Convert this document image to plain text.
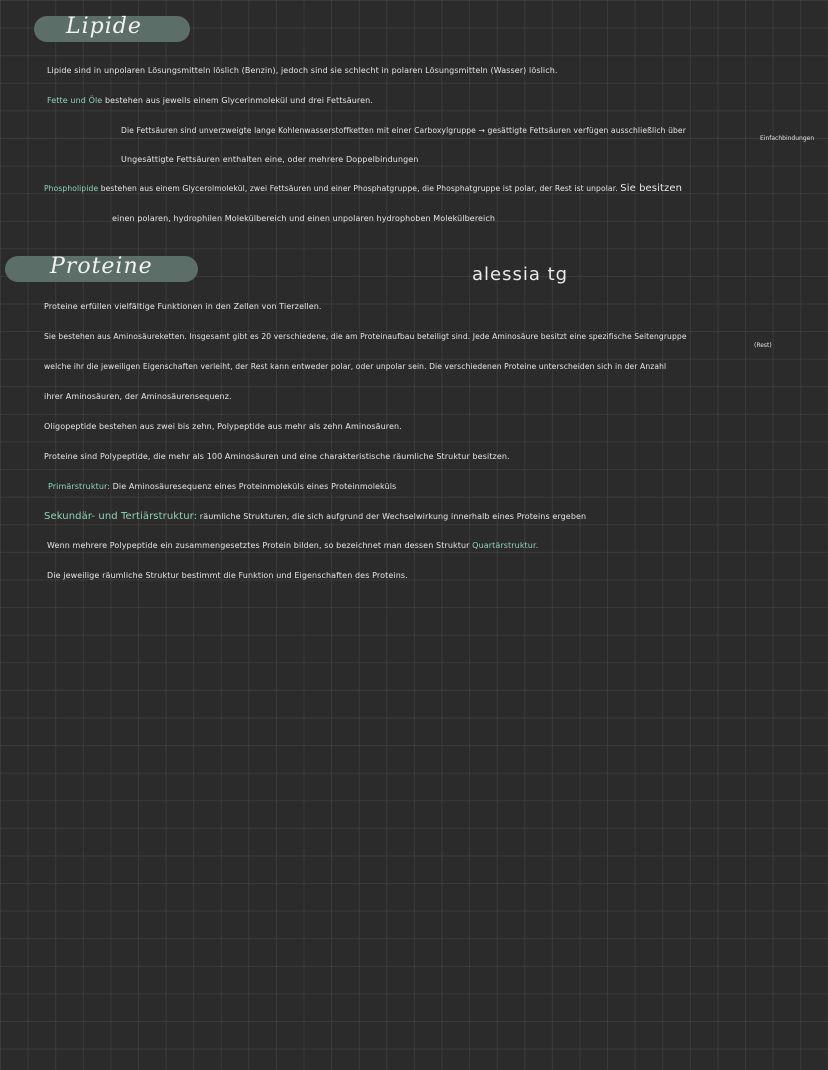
Lipide
Lipide sind in unpolaren Lösungsmitteln löslich (Benzin), jedoch sind sie schlecht in polaren Lösungsmitteln (Wasser) löslich.
Fette und Öle bestehen aus jeweils einem Glycerinmolekül und drei Fettsäuren.
Die Fettsäuren sind unverzweigte lange Kohlenwasserstoffketten mit einer Carboxylgruppe → gesättigte Fettsäuren verfügen ausschließlich über
Einfachbindungen
Ungesättigte Fettsäuren enthalten eine, oder mehrere Doppelbindungen
Phospholipide bestehen aus einem Glycerolmolekül, zwei Fettsäuren und einer Phosphatgruppe, die Phosphatgruppe ist polar, der Rest ist unpolar. Sie besitzen
einen polaren, hydrophilen Molekülbereich und einen unpolaren hydrophoben Molekülbereich
Proteine	alessia tg
Proteine erfüllen vielfältige Funktionen in den Zellen von Tierzellen.
Sie bestehen aus Aminosäureketten. Insgesamt gibt es 20 verschiedene, die am Proteinaufbau beteiligt sind. Jede Aminosäure besitzt eine spezifische Seitengruppe
(Rest)
welche ihr die jeweiligen Eigenschaften verleiht, der Rest kann entweder polar, oder unpolar sein. Die verschiedenen Proteine unterscheiden sich in der Anzahl
ihrer Aminosäuren, der Aminosäurensequenz.
Oligopeptide bestehen aus zwei bis zehn, Polypeptide aus mehr als zehn Aminosäuren.
Proteine sind Polypeptide, die mehr als 100 Aminosäuren und eine charakteristische räumliche Struktur besitzen.
Primärstruktur: Die Aminosäuresequenz eines Proteinmoleküls eines Proteinmoleküls
Sekundär- und Tertiärstruktur: räumliche Strukturen, die sich aufgrund der Wechselwirkung innerhalb eines Proteins ergeben
Wenn mehrere Polypeptide ein zusammengesetztes Protein bilden, so bezeichnet man dessen Struktur Quartärstruktur.
Die jeweilige räumliche Struktur bestimmt die Funktion und Eigenschaften des Proteins.
